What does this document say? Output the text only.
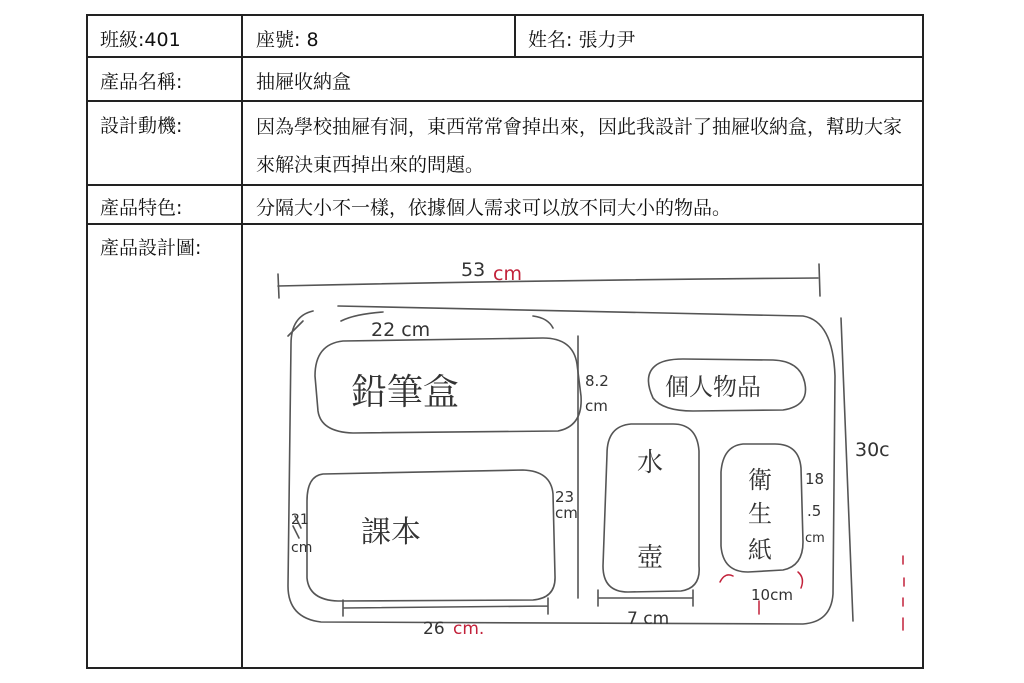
班級:401	座號: 8	姓名: 張力尹
產品名稱:	抽屜收納盒
設計動機:	因為學校抽屜有洞，東西常常會掉出來，因此我設計了抽屜收納盒，幫助大家來解決東西掉出來的問題。
產品特色:	分隔大小不一樣，依據個人需求可以放不同大小的物品。
產品設計圖:
53 cm
30c
22 cm
鉛筆盒	8.2
cm
個人物品
課本
21
cm
23
cm
26 cm.
水
壺
7 cm
衛
生
紙
18
.5
cm
10cm
